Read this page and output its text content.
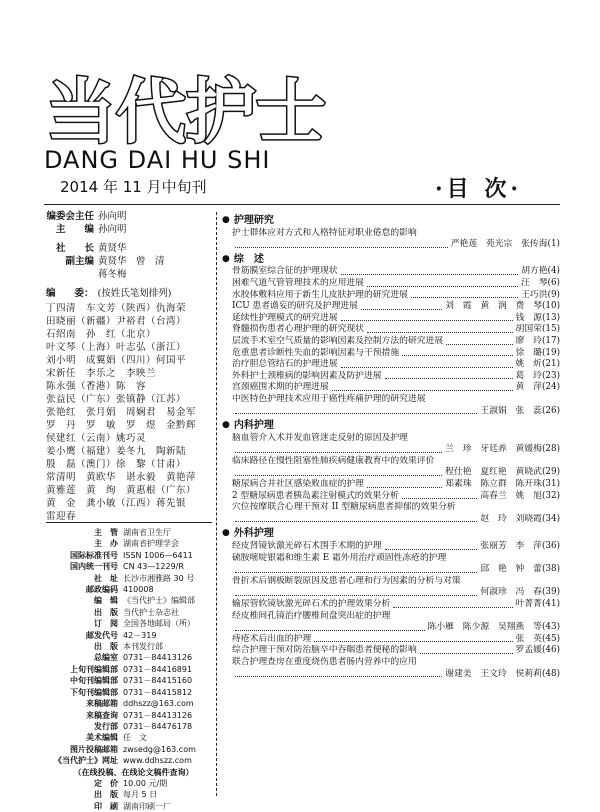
当代护士
DANG DAI HU SHI
2014 年 11 月中旬刊	·目 次·
编委会主任 孙向明
主　　编 孙向明
社　　长 黄贤华
副主编 黄贤华　曾　清
蒋冬梅
编　　委： (按姓氏笔划排列)
丁四清　车文芳（陕西）仇海荣
田晓丽（新疆）尹裕君（台湾）
石绍南　孙　红（北京）
叶文琴（上海）叶志弘（浙江）
刘小明　成翼娟（四川）何国平
宋新任　李乐之　李映兰
陈永强（香港）陈　容
张益民（广东）张镇静（江苏）
张艳红　张月娟　周娴君　易金军
罗　丹　罗　敏　罗　煜　金黔辉
侯建红（云南）姚巧灵
姜小鹰（福建）姜冬九　陶新陆
殷　磊（澳门）徐　黎（甘肃）
常清明　黄欧华　谌永毅　黄艳萍
黄雅莲　黄　绚　黄惠根（广东）
黄　金　龚小敏（江西）蒋先银
雷迎春
主　管 湖南省卫生厅
主　办 湖南省护理学会
国际标准刊号 ISSN 1006—6411
国内统一刊号 CN 43—1229/R
社　址 长沙市湘雅路 30 号
邮政编码 410008
编　辑 《当代护士》编辑部
出　版 当代护士杂志社
订　阅 全国各地邮局（所）
邮发代号 42－319
出　版 本刊发行部
总编室 0731－84413126
上旬刊编辑部 0731－84416891
中旬刊编辑部 0731－84415160
下旬刊编辑部 0731－84415812
来稿邮箱 ddhszz@163.com
来稿查询 0731－84413126
发行部 0731－84476178
美术编辑 任　文
图片投稿邮箱 zwsedg@163.com
《当代护士》网址 www.ddhszz.com
（在线投稿、在线论文稿件查询）
定　价 10.00 元/期
出　版 每月 5 日
印　刷 湖南印刷一厂
● 护理研究
护士群体应对方式和人格特征对职业倦怠的影响
严艳莲　苑光宗　张传海 (1)
● 综　述
骨筋膜室综合征的护理现状	胡方艳 (4)
困难气道气管管理技术的应用进展	汪　琴 (6)
水胶体敷料应用于新生儿皮肤护理的研究进展	王巧洪 (9)
ICU 患者谵妄的研究及护理进展	刘　霞　黄　润　费　琴 (10)
延续性护理模式的研究进展	钱　源 (13)
脊髓损伤患者心理护理的研究现状	胡国荣 (15)
层流手术室空气质量的影响因素及控制方法的研究进展	廖　玲 (17)
危重患者诊断性失血的影响因素与干预措施	徐　璐 (19)
治疗胆总管结石的护理进展	姚　炘 (21)
外科护士颈椎病的影响因素及防护进展	葛　玲 (23)
宫颈癌围术期的护理进展	黄　萍 (24)
中医特色护理技术应用于癌性疼痛护理的研究进展
王淑娟　张　蕊 (26)
● 内科护理
脑血管介入术并发血管迷走反射的原因及护理
兰　珍　牙廷养　黄媛梅 (28)
临床路径在慢性阻塞性肺疾病健康教育中的效果评价
程仕艳　夏红艳　黄晓武 (29)
糖尿病合并社区感染败血症的护理	郑素珠　陈立群　陈开珠 (31)
2 型糖尿病患者胰岛素注射模式的效果分析	高春兰　姚　旭 (32)
穴位按摩联合心理干预对 II 型糖尿病患者抑郁的效果分析
赵　玲　刘晓霞 (34)
● 外科护理
经皮肾镜钬激光碎石术围手术期的护理	张丽芳　李　萍 (36)
硫胺嘧啶银霜和维生素 E 霜外用治疗顽固性冻疮的护理
邱　艳　钟　蕾 (38)
骨折术后钢板断裂原因及患者心理和行为因素的分析与对策
何淑珍　冯　春 (39)
输尿管软镜钬激光碎石术的护理效果分析	叶菁菁 (41)
经皮椎间孔镜治疗腰椎间盘突出症的护理
陈小雁　陈少源　吴翔燕　等 (43)
痔疮术后出血的护理	张　英 (45)
综合护理干预对防治脑卒中吞咽患者便秘的影响	罗孟媛 (46)
联合护理查房在重度烧伤患者肠内营养中的应用
谢建美　王文玲　侯莉莉 (48)
